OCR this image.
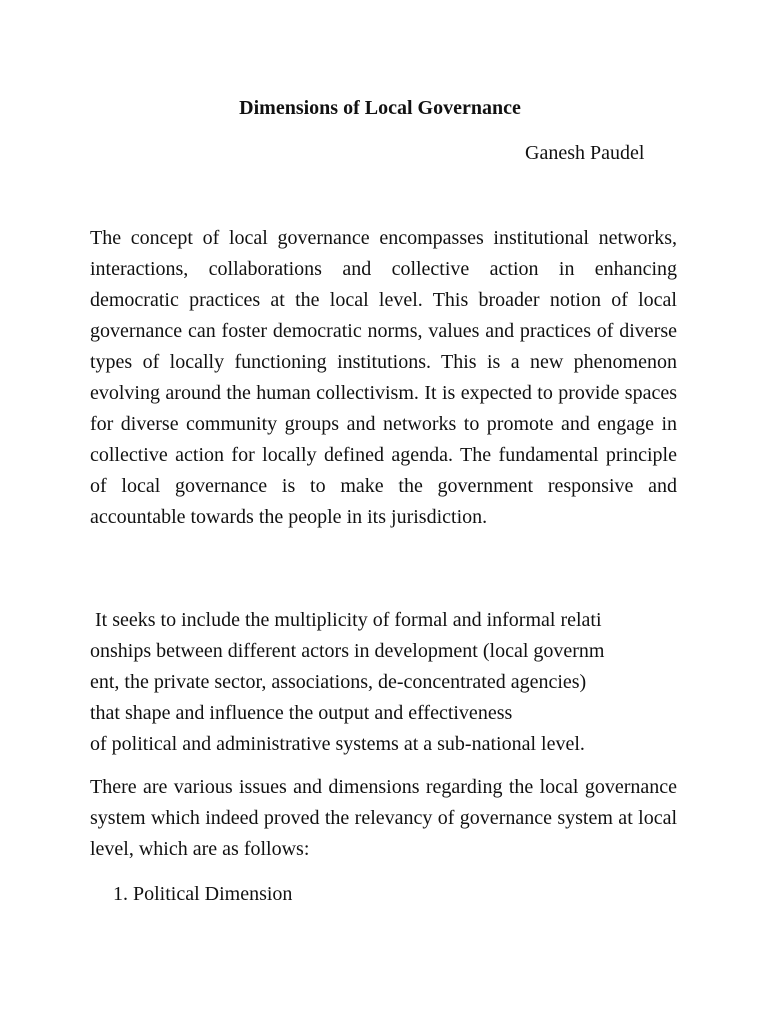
Dimensions of Local Governance
Ganesh Paudel
The concept of local governance encompasses institutional networks, interactions, collaborations and collective action in enhancing democratic practices at the local level. This broader notion of local governance can foster democratic norms, values and practices of diverse types of locally functioning institutions. This is a new phenomenon evolving around the human collectivism. It is expected to provide spaces for diverse community groups and networks to promote and engage in collective action for locally defined agenda. The fundamental principle of local governance is to make the government responsive and accountable towards the people in its jurisdiction.
It seeks to include the multiplicity of formal and informal relati
onships between different actors in development (local governm
ent, the private sector, associations, de-concentrated agencies)
that shape and influence the output and effectiveness
of political and administrative systems at a sub-national level.
There are various issues and dimensions regarding the local governance system which indeed proved the relevancy of governance system at local level, which are as follows:
1. Political Dimension
